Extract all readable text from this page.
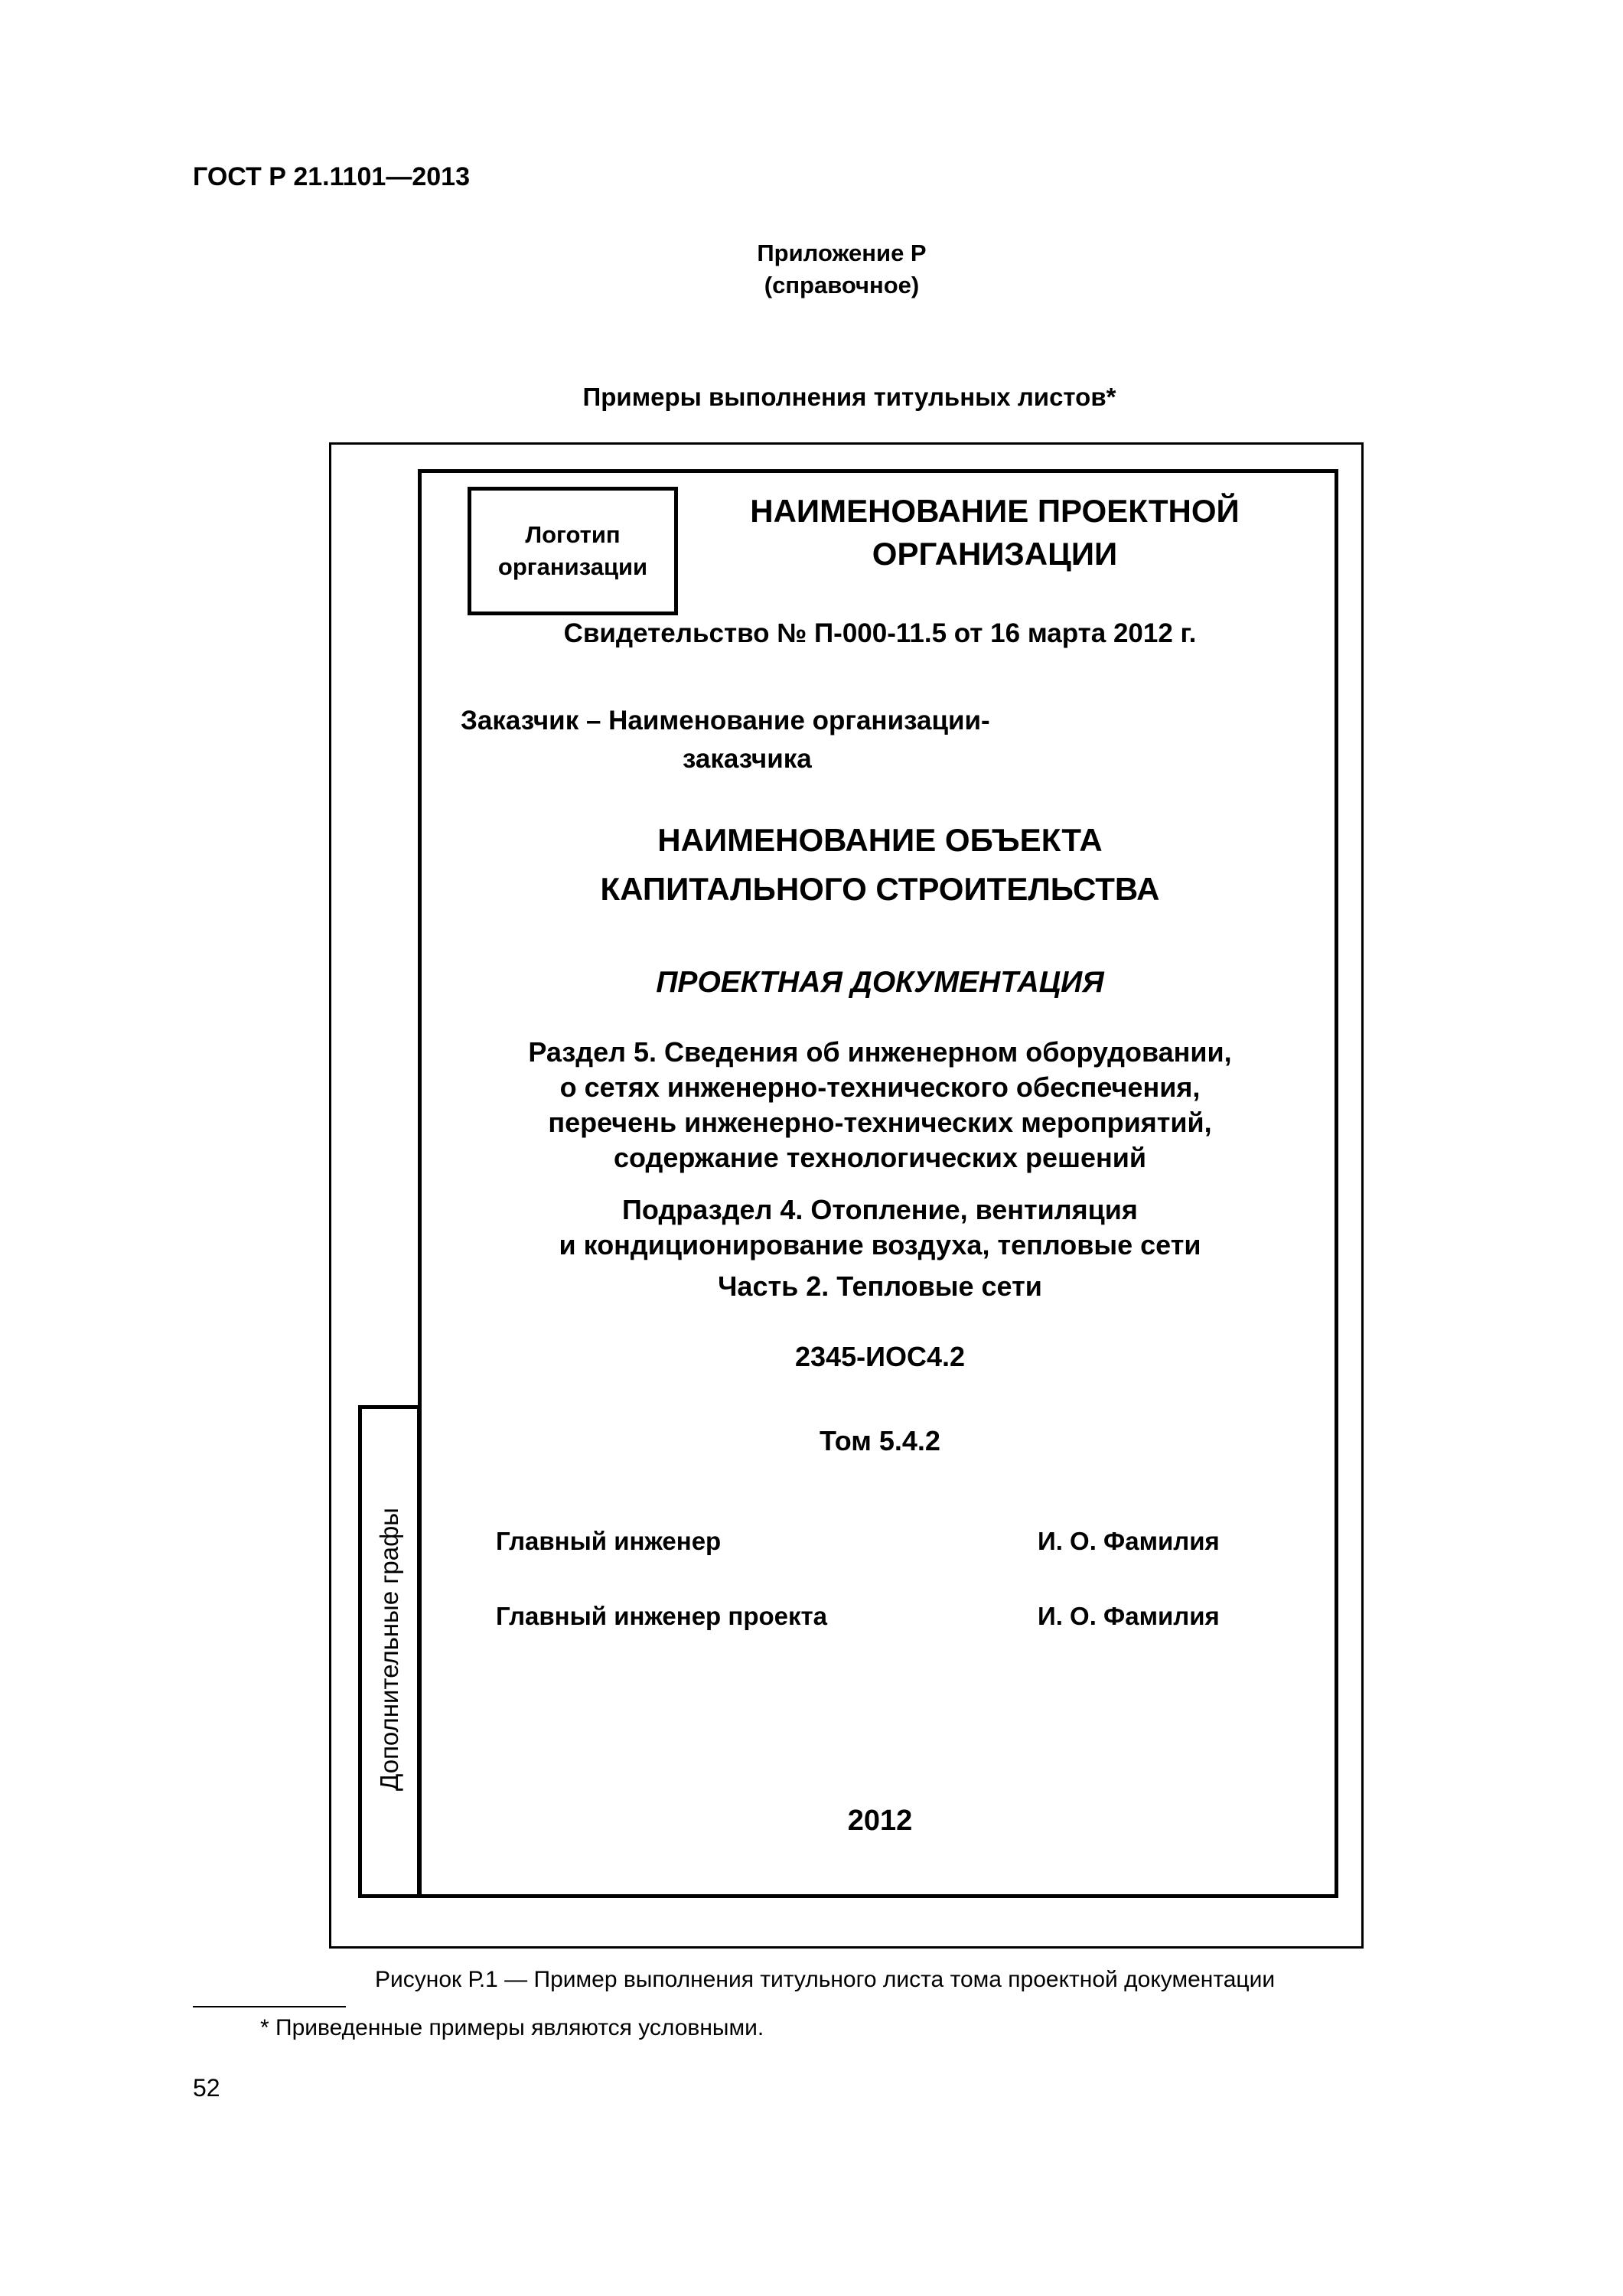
ГОСТ Р 21.1101—2013
Приложение Р
(справочное)
Примеры выполнения титульных листов*
Дополнительные графы
Логотип
организации
НАИМЕНОВАНИЕ ПРОЕКТНОЙ
ОРГАНИЗАЦИИ
Свидетельство № П-000-11.5 от 16 марта 2012 г.
Заказчик – Наименование организации-
заказчика
НАИМЕНОВАНИЕ ОБЪЕКТА
КАПИТАЛЬНОГО СТРОИТЕЛЬСТВА
ПРОЕКТНАЯ ДОКУМЕНТАЦИЯ
Раздел 5. Сведения об инженерном оборудовании,
о сетях инженерно-технического обеспечения,
перечень инженерно-технических мероприятий,
содержание технологических решений
Подраздел 4. Отопление, вентиляция
и кондиционирование воздуха, тепловые сети
Часть 2. Тепловые сети
2345-ИОС4.2
Том 5.4.2
Главный инженер	И. О. Фамилия
Главный инженер проекта	И. О. Фамилия
2012
Рисунок Р.1 — Пример выполнения титульного листа тома проектной документации
* Приведенные примеры являются условными.
52
